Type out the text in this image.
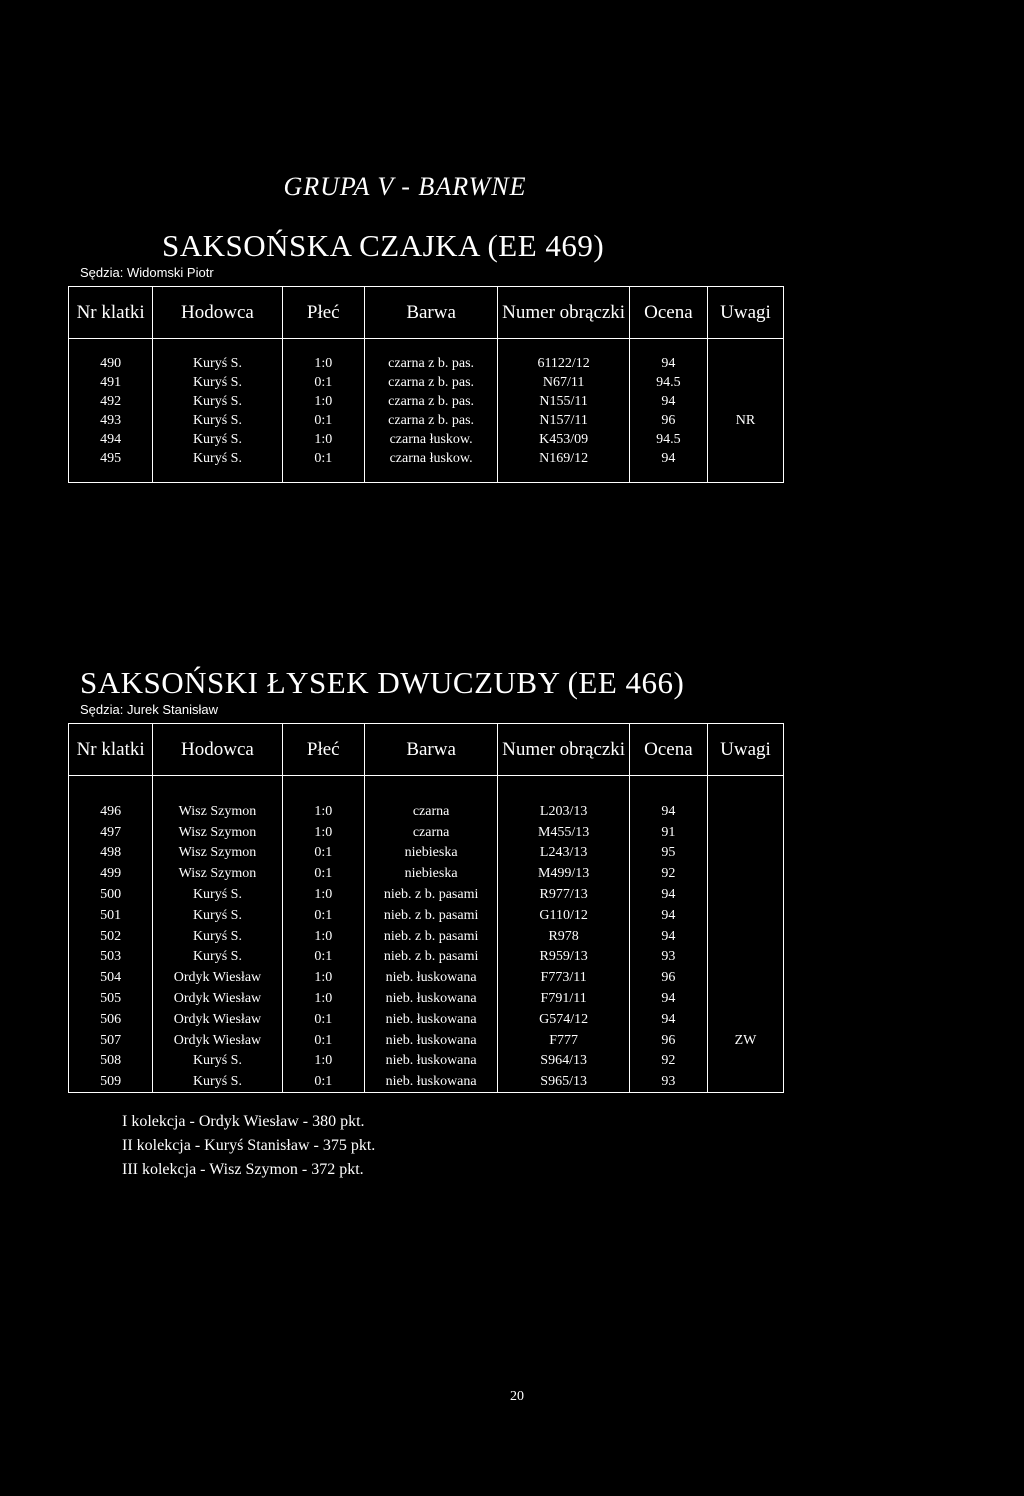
GRUPA V - BARWNE
SAKSOŃSKA CZAJKA (EE 469)
Sędzia: Widomski Piotr
Nr klatki	Hodowca	Płeć	Barwa	Numer obrączki	Ocena	Uwagi

490	Kuryś S.	1:0	czarna z b. pas.	61122/12	94	
491	Kuryś S.	0:1	czarna z b. pas.	N67/11	94.5	
492	Kuryś S.	1:0	czarna z b. pas.	N155/11	94	
493	Kuryś S.	0:1	czarna z b. pas.	N157/11	96	NR
494	Kuryś S.	1:0	czarna łuskow.	K453/09	94.5	
495	Kuryś S.	0:1	czarna łuskow.	N169/12	94	

SAKSOŃSKI ŁYSEK DWUCZUBY (EE 466)
Sędzia: Jurek Stanisław
Nr klatki	Hodowca	Płeć	Barwa	Numer obrączki	Ocena	Uwagi

496	Wisz Szymon	1:0	czarna	L203/13	94	
497	Wisz Szymon	1:0	czarna	M455/13	91	
498	Wisz Szymon	0:1	niebieska	L243/13	95	
499	Wisz Szymon	0:1	niebieska	M499/13	92	
500	Kuryś S.	1:0	nieb. z b. pasami	R977/13	94	
501	Kuryś S.	0:1	nieb. z b. pasami	G110/12	94	
502	Kuryś S.	1:0	nieb. z b. pasami	R978	94	
503	Kuryś S.	0:1	nieb. z b. pasami	R959/13	93	
504	Ordyk Wiesław	1:0	nieb. łuskowana	F773/11	96	
505	Ordyk Wiesław	1:0	nieb. łuskowana	F791/11	94	
506	Ordyk Wiesław	0:1	nieb. łuskowana	G574/12	94	
507	Ordyk Wiesław	0:1	nieb. łuskowana	F777	96	ZW
508	Kuryś S.	1:0	nieb. łuskowana	S964/13	92	
509	Kuryś S.	0:1	nieb. łuskowana	S965/13	93	
I kolekcja - Ordyk Wiesław - 380 pkt.
II kolekcja - Kuryś Stanisław - 375 pkt.
III kolekcja - Wisz Szymon - 372 pkt.
20
